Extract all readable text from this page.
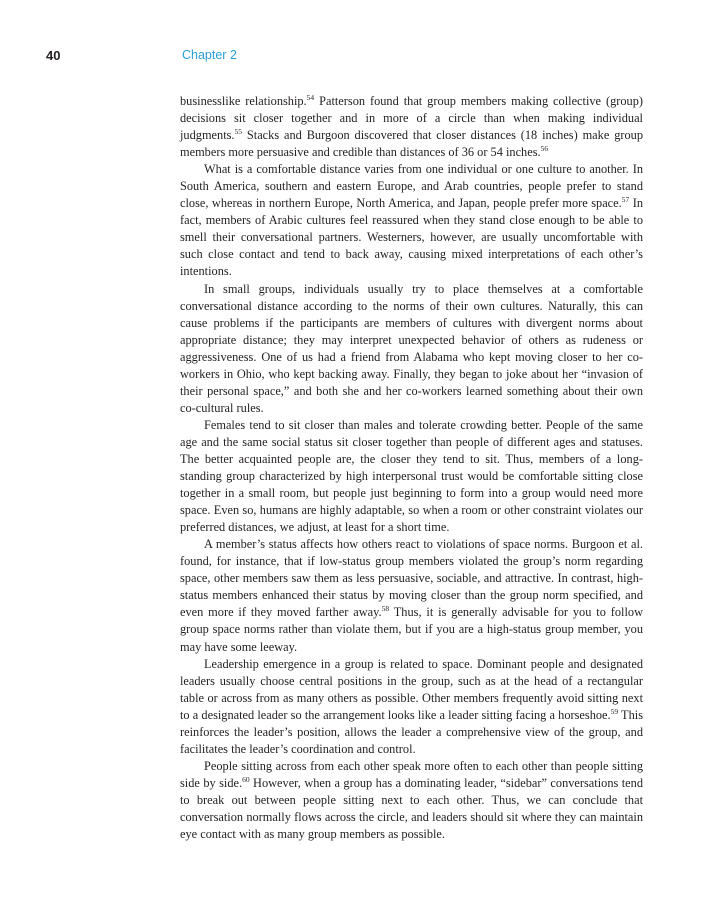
40	Chapter 2

businesslike relationship.$^{54}$ Patterson found that group members making collective (group) decisions sit closer together and in more of a circle than when making individual judgments.$^{55}$ Stacks and Burgoon discovered that closer distances (18 inches) make group members more persuasive and credible than distances of 36 or 54 inches.$^{56}$

What is a comfortable distance varies from one individual or one culture to another. In South America, southern and eastern Europe, and Arab countries, people prefer to stand close, whereas in northern Europe, North America, and Japan, people prefer more space.$^{57}$ In fact, members of Arabic cultures feel reassured when they stand close enough to be able to smell their conversational partners. Westerners, however, are usually uncomfortable with such close contact and tend to back away, causing mixed interpretations of each other’s intentions.

In small groups, individuals usually try to place themselves at a comfortable conversational distance according to the norms of their own cultures. Naturally, this can cause problems if the participants are members of cultures with divergent norms about appropriate distance; they may interpret unexpected behavior of others as rudeness or aggressiveness. One of us had a friend from Alabama who kept moving closer to her co-workers in Ohio, who kept backing away. Finally, they began to joke about her “invasion of their personal space,” and both she and her co-workers learned something about their own co-cultural rules.

Females tend to sit closer than males and tolerate crowding better. People of the same age and the same social status sit closer together than people of different ages and statuses. The better acquainted people are, the closer they tend to sit. Thus, members of a long-standing group characterized by high interpersonal trust would be comfortable sitting close together in a small room, but people just beginning to form into a group would need more space. Even so, humans are highly adaptable, so when a room or other constraint violates our preferred distances, we adjust, at least for a short time.

A member’s status affects how others react to violations of space norms. Burgoon et al. found, for instance, that if low-status group members violated the group’s norm regarding space, other members saw them as less persuasive, sociable, and attractive. In contrast, high-status members enhanced their status by moving closer than the group norm specified, and even more if they moved farther away.$^{58}$ Thus, it is generally advisable for you to follow group space norms rather than violate them, but if you are a high-status group member, you may have some leeway.

Leadership emergence in a group is related to space. Dominant people and designated leaders usually choose central positions in the group, such as at the head of a rectangular table or across from as many others as possible. Other members frequently avoid sitting next to a designated leader so the arrangement looks like a leader sitting facing a horseshoe.$^{59}$ This reinforces the leader’s position, allows the leader a comprehensive view of the group, and facilitates the leader’s coordination and control.

People sitting across from each other speak more often to each other than people sitting side by side.$^{60}$ However, when a group has a dominating leader, “sidebar” conversations tend to break out between people sitting next to each other. Thus, we can conclude that conversation normally flows across the circle, and leaders should sit where they can maintain eye contact with as many group members as possible.
